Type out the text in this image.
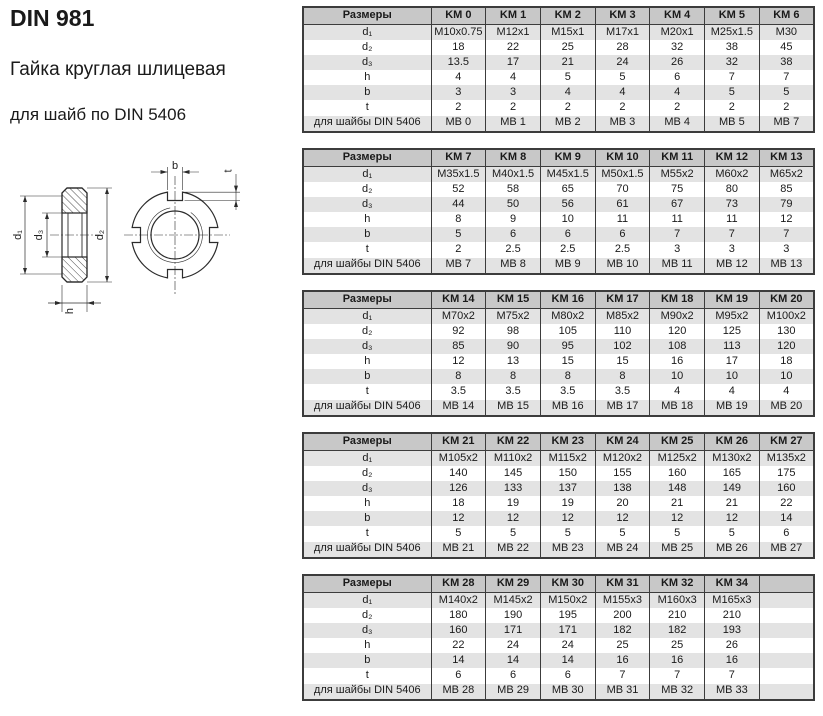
DIN 981
Гайка круглая шлицевая
для шайб по DIN 5406
d₁ d₃	d₂
h
b	t
Размеры	KM 0	KM 1	KM 2	KM 3	KM 4	KM 5	KM 6
d₁	M10x0.75	M12x1	M15x1	M17x1	M20x1	M25x1.5	M30
d₂	18	22	25	28	32	38	45
d₃	13.5	17	21	24	26	32	38
h	4	4	5	5	6	7	7
b	3	3	4	4	4	5	5
t	2	2	2	2	2	2	2
для шайбы DIN 5406	MB 0	MB 1	MB 2	MB 3	MB 4	MB 5	MB 7
Размеры	KM 7	KM 8	KM 9	KM 10	KM 11	KM 12	KM 13
d₁	M35x1.5	M40x1.5	M45x1.5	M50x1.5	M55x2	M60x2	M65x2
d₂	52	58	65	70	75	80	85
d₃	44	50	56	61	67	73	79
h	8	9	10	11	11	11	12
b	5	6	6	6	7	7	7
t	2	2.5	2.5	2.5	3	3	3
для шайбы DIN 5406	MB 7	MB 8	MB 9	MB 10	MB 11	MB 12	MB 13
Размеры	KM 14	KM 15	KM 16	KM 17	KM 18	KM 19	KM 20
d₁	M70x2	M75x2	M80x2	M85x2	M90x2	M95x2	M100x2
d₂	92	98	105	110	120	125	130
d₃	85	90	95	102	108	113	120
h	12	13	15	15	16	17	18
b	8	8	8	8	10	10	10
t	3.5	3.5	3.5	3.5	4	4	4
для шайбы DIN 5406	MB 14	MB 15	MB 16	MB 17	MB 18	MB 19	MB 20
Размеры	KM 21	KM 22	KM 23	KM 24	KM 25	KM 26	KM 27
d₁	M105x2	M110x2	M115x2	M120x2	M125x2	M130x2	M135x2
d₂	140	145	150	155	160	165	175
d₃	126	133	137	138	148	149	160
h	18	19	19	20	21	21	22
b	12	12	12	12	12	12	14
t	5	5	5	5	5	5	6
для шайбы DIN 5406	MB 21	MB 22	MB 23	MB 24	MB 25	MB 26	MB 27
Размеры	KM 28	KM 29	KM 30	KM 31	KM 32	KM 34	
d₁	M140x2	M145x2	M150x2	M155x3	M160x3	M165x3	
d₂	180	190	195	200	210	210	
d₃	160	171	171	182	182	193	
h	22	24	24	25	25	26	
b	14	14	14	16	16	16	
t	6	6	6	7	7	7	
для шайбы DIN 5406	MB 28	MB 29	MB 30	MB 31	MB 32	MB 33	
